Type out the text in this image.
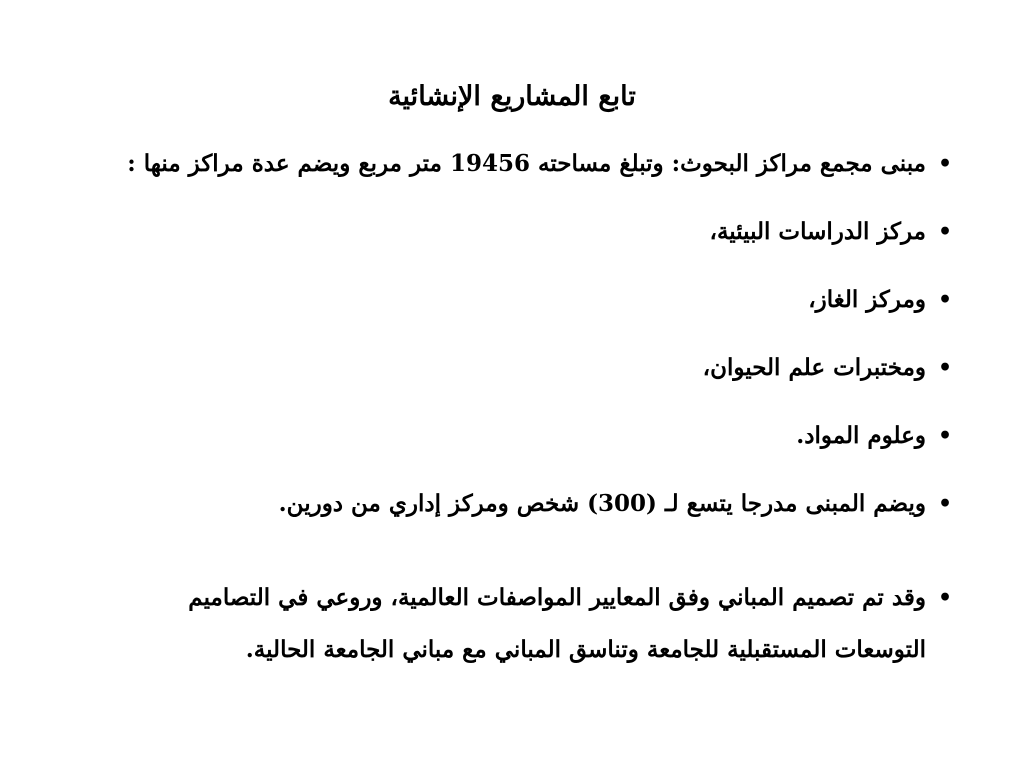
تابع المشاريع الإنشائية
•
مبنى مجمع مراكز البحوث: وتبلغ مساحته 19456 متر مربع ويضم عدة مراكز منها :
•
مركز الدراسات البيئية،
•
ومركز الغاز،
•
ومختبرات علم الحيوان،
•
وعلوم المواد.
•
ويضم المبنى مدرجا يتسع لـ (300) شخص ومركز إداري من دورين.
•
وقد تم تصميم المباني وفق المعايير المواصفات العالمية، وروعي في التصاميم التوسعات المستقبلية للجامعة وتناسق المباني مع مباني الجامعة الحالية.
